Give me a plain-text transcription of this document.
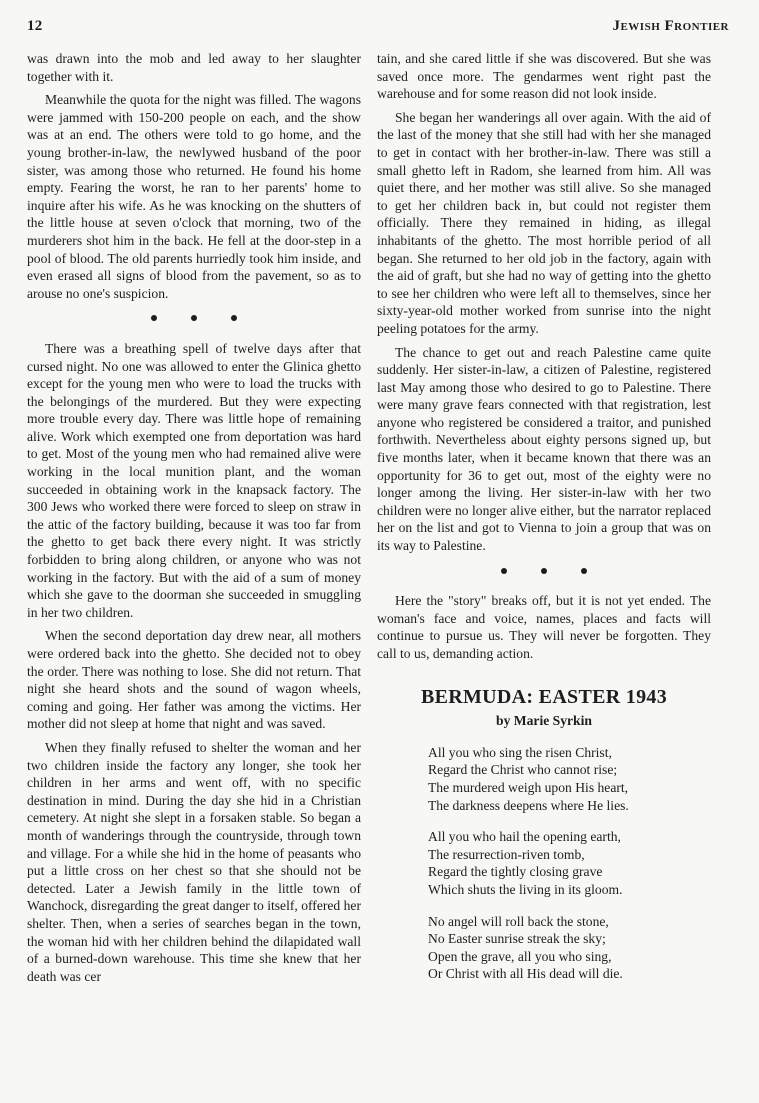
12	Jewish Frontier

was drawn into the mob and led away to her slaughter together with it.

Meanwhile the quota for the night was filled. The wagons were jammed with 150-200 people on each, and the show was at an end. The others were told to go home, and the young brother-in-law, the newlywed husband of the poor sister, was among those who returned. He found his home empty. Fearing the worst, he ran to her parents' home to inquire after his wife. As he was knocking on the shutters of the little house at seven o'clock that morning, two of the murderers shot him in the back. He fell at the door-step in a pool of blood. The old parents hurriedly took him inside, and even erased all signs of blood from the pavement, so as to arouse no one's suspicion.

There was a breathing spell of twelve days after that cursed night. No one was allowed to enter the Glinica ghetto except for the young men who were to load the trucks with the belongings of the murdered. But they were expecting more trouble every day. There was little hope of remaining alive. Work which exempted one from deportation was hard to get. Most of the young men who had remained alive were working in the local munition plant, and the woman succeeded in obtaining work in the knapsack factory. The 300 Jews who worked there were forced to sleep on straw in the attic of the factory building, because it was too far from the ghetto to get back there every night. It was strictly forbidden to bring along children, or anyone who was not working in the factory. But with the aid of a sum of money which she gave to the doorman she succeeded in smuggling in her two children.

When the second deportation day drew near, all mothers were ordered back into the ghetto. She decided not to obey the order. There was nothing to lose. She did not return. That night she heard shots and the sound of wagon wheels, coming and going. Her father was among the victims. Her mother did not sleep at home that night and was saved.

When they finally refused to shelter the woman and her two children inside the factory any longer, she took her children in her arms and went off, with no specific destination in mind. During the day she hid in a Christian cemetery. At night she slept in a forsaken stable. So began a month of wanderings through the countryside, through town and village. For a while she hid in the home of peasants who put a little cross on her chest so that she should not be detected. Later a Jewish family in the little town of Wanchock, disregarding the great danger to itself, offered her shelter. Then, when a series of searches began in the town, the woman hid with her children behind the dilapidated wall of a burned-down warehouse. This time she knew that her death was cer

tain, and she cared little if she was discovered. But she was saved once more. The gendarmes went right past the warehouse and for some reason did not look inside.

She began her wanderings all over again. With the aid of the last of the money that she still had with her she managed to get in contact with her brother-in-law. There was still a small ghetto left in Radom, she learned from him. All was quiet there, and her mother was still alive. So she managed to get her children back in, but could not register them officially. There they remained in hiding, as illegal inhabitants of the ghetto. The most horrible period of all began. She returned to her old job in the factory, again with the aid of graft, but she had no way of getting into the ghetto to see her children who were left all to themselves, since her sixty-year-old mother worked from sunrise into the night peeling potatoes for the army.

The chance to get out and reach Palestine came quite suddenly. Her sister-in-law, a citizen of Palestine, registered last May among those who desired to go to Palestine. There were many grave fears connected with that registration, lest anyone who registered be considered a traitor, and punished forthwith. Nevertheless about eighty persons signed up, but five months later, when it became known that there was an opportunity for 36 to get out, most of the eighty were no longer among the living. Her sister-in-law with her two children were no longer alive either, but the narrator replaced her on the list and got to Vienna to join a group that was on its way to Palestine.

Here the "story" breaks off, but it is not yet ended. The woman's face and voice, names, places and facts will continue to pursue us. They will never be forgotten. They call to us, demanding action.

BERMUDA: EASTER 1943
by Marie Syrkin
All you who sing the risen Christ,
Regard the Christ who cannot rise;
The murdered weigh upon His heart,
The darkness deepens where He lies.
All you who hail the opening earth,
The resurrection-riven tomb,
Regard the tightly closing grave
Which shuts the living in its gloom.
No angel will roll back the stone,
No Easter sunrise streak the sky;
Open the grave, all you who sing,
Or Christ with all His dead will die.
